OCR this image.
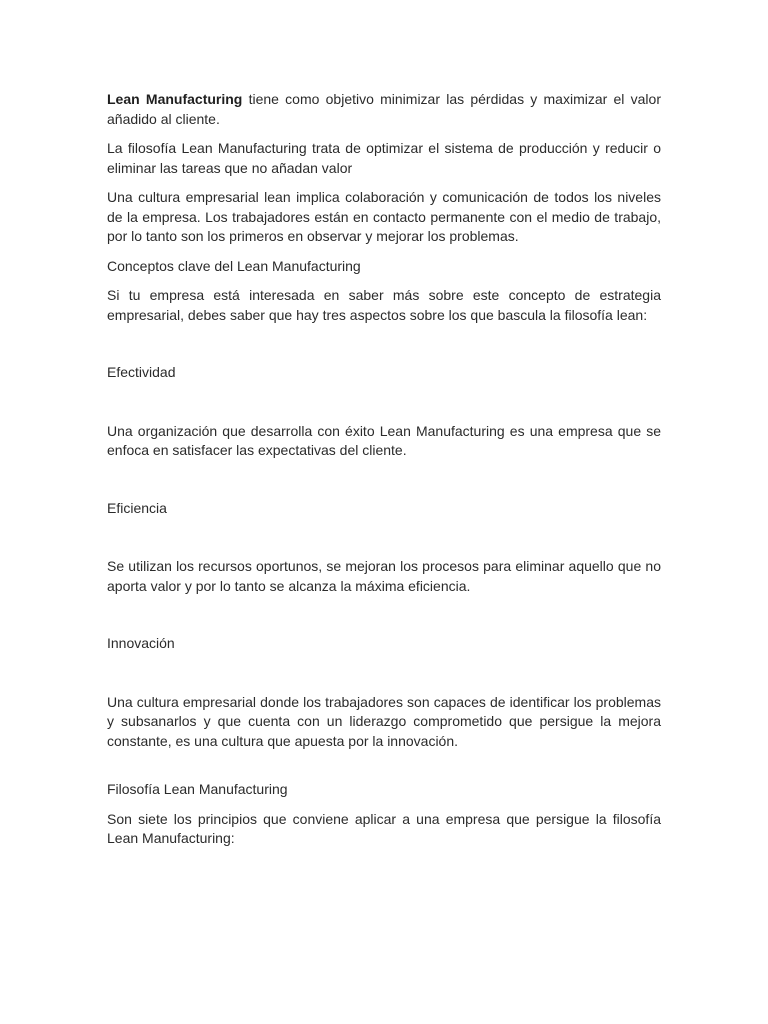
Lean Manufacturing tiene como objetivo minimizar las pérdidas y maximizar el valor añadido al cliente.

La filosofía Lean Manufacturing trata de optimizar el sistema de producción y reducir o eliminar las tareas que no añadan valor

Una cultura empresarial lean implica colaboración y comunicación de todos los niveles de la empresa. Los trabajadores están en contacto permanente con el medio de trabajo, por lo tanto son los primeros en observar y mejorar los problemas.

Conceptos clave del Lean Manufacturing

Si tu empresa está interesada en saber más sobre este concepto de estrategia empresarial, debes saber que hay tres aspectos sobre los que bascula la filosofía lean:

Efectividad

Una organización que desarrolla con éxito Lean Manufacturing es una empresa que se enfoca en satisfacer las expectativas del cliente.

Eficiencia

Se utilizan los recursos oportunos, se mejoran los procesos para eliminar aquello que no aporta valor y por lo tanto se alcanza la máxima eficiencia.

Innovación

Una cultura empresarial donde los trabajadores son capaces de identificar los problemas y subsanarlos y que cuenta con un liderazgo comprometido que persigue la mejora constante, es una cultura que apuesta por la innovación.

Filosofía Lean Manufacturing

Son siete los principios que conviene aplicar a una empresa que persigue la filosofía Lean Manufacturing:
